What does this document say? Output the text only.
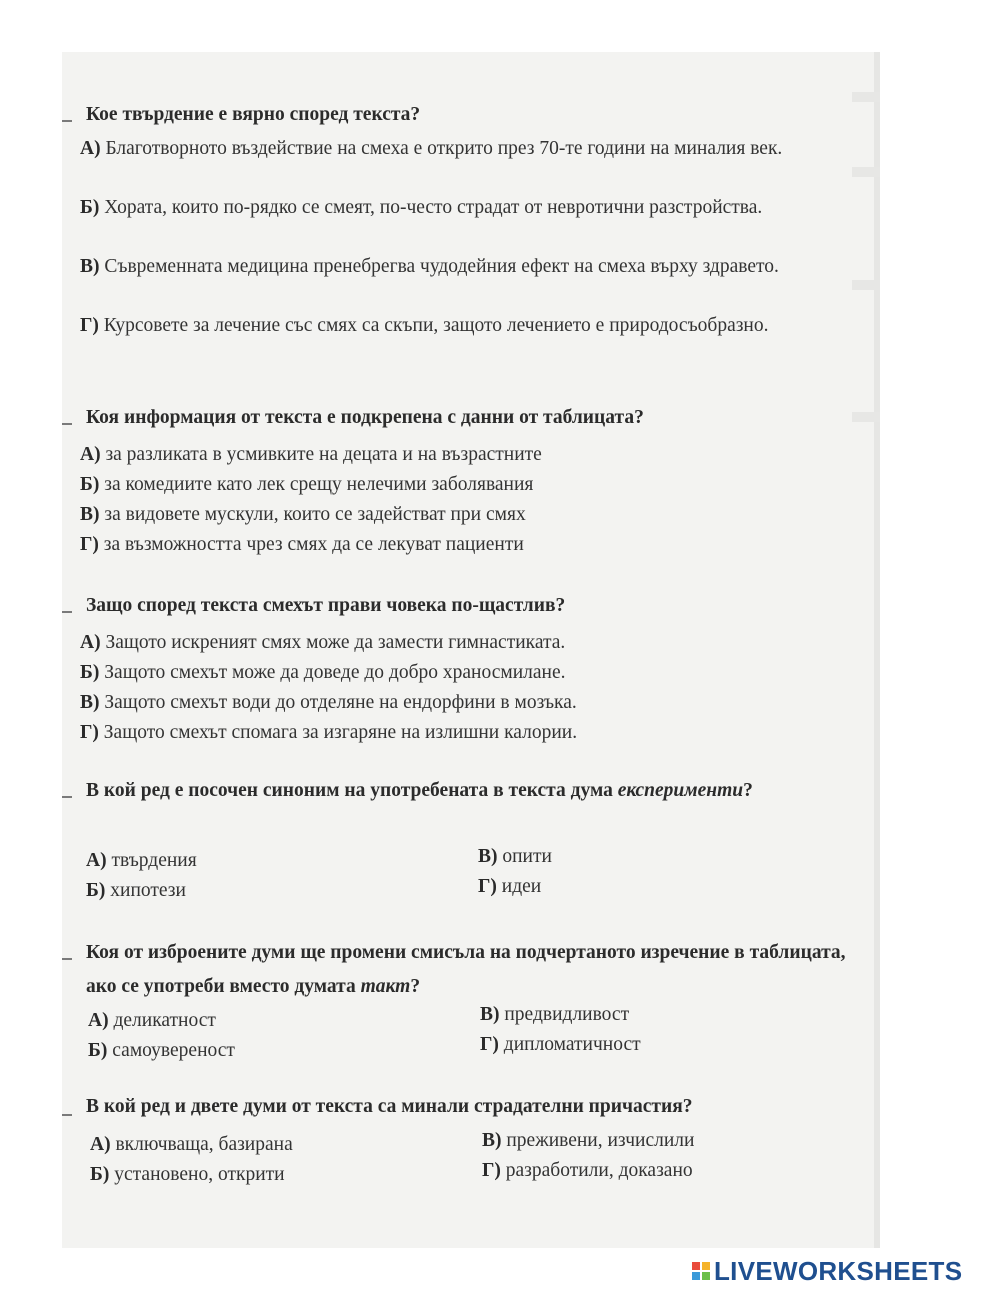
Кое твърдение е вярно според текста?
А) Благотворното въздействие на смеха е открито през 70-те години на миналия век.
Б) Хората, които по-рядко се смеят, по-често страдат от невротични разстройства.
В) Съвременната медицина пренебрегва чудодейния ефект на смеха върху здравето.
Г) Курсовете за лечение със смях са скъпи, защото лечението е природосъобразно.
Коя информация от текста е подкрепена с данни от таблицата?
А) за разликата в усмивките на децата и на възрастните
Б) за комедиите като лек срещу нелечими заболявания
В) за видовете мускули, които се задействат при смях
Г) за възможността чрез смях да се лекуват пациенти
Защо според текста смехът прави човека по-щастлив?
А) Защото искреният смях може да замести гимнастиката.
Б) Защото смехът може да доведе до добро храносмилане.
В) Защото смехът води до отделяне на ендорфини в мозъка.
Г) Защото смехът спомага за изгаряне на излишни калории.
В кой ред е посочен синоним на употребената в текста дума експерименти?
А) твърдения
Б) хипотези
В) опити
Г) идеи
Коя от изброените думи ще промени смисъла на подчертаното изречение в таблицата, ако се употреби вместо думата такт?
А) деликатност
Б) самоувереност
В) предвидливост
Г) дипломатичност
В кой ред и двете думи от текста са минали страдателни причастия?
А) включваща, базирана
Б) установено, открити
В) преживени, изчислили
Г) разработили, доказано
LIVEWORKSHEETS
